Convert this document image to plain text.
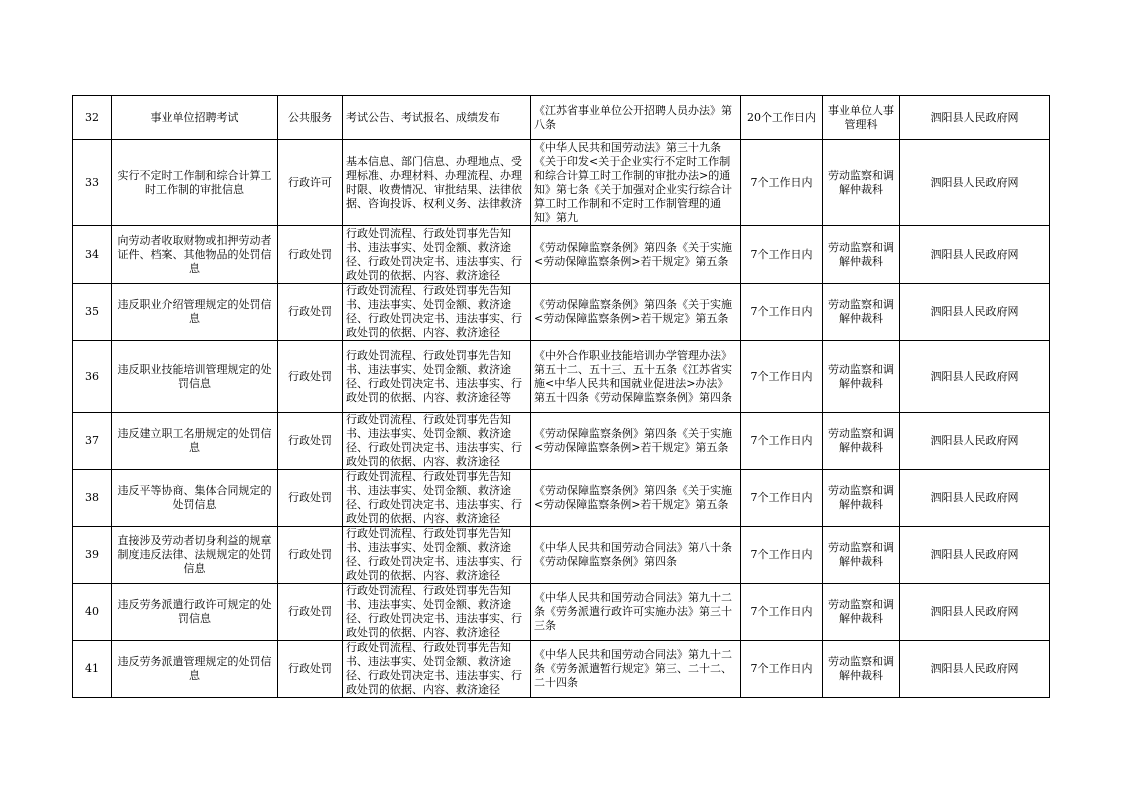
32	事业单位招聘考试	公共服务	考试公告、考试报名、成绩发布	《江苏省事业单位公开招聘人员办法》第八条	20个工作日内	事业单位人事管理科	泗阳县人民政府网
33	实行不定时工作制和综合计算工时工作制的审批信息	行政许可	基本信息、部门信息、办理地点、受理标准、办理材料、办理流程、办理时限、收费情况、审批结果、法律依据、咨询投诉、权利义务、法律救济	《中华人民共和国劳动法》第三十九条《关于印发<关于企业实行不定时工作制和综合计算工时工作制的审批办法>的通知》第七条《关于加强对企业实行综合计算工时工作制和不定时工作制管理的通知》第九	7个工作日内	劳动监察和调解仲裁科	泗阳县人民政府网
34	向劳动者收取财物或扣押劳动者证件、档案、其他物品的处罚信息	行政处罚	行政处罚流程、行政处罚事先告知书、违法事实、处罚金额、救济途径、行政处罚决定书、违法事实、行政处罚的依据、内容、救济途径	《劳动保障监察条例》第四条《关于实施<劳动保障监察条例>若干规定》第五条	7个工作日内	劳动监察和调解仲裁科	泗阳县人民政府网
35	违反职业介绍管理规定的处罚信息	行政处罚	行政处罚流程、行政处罚事先告知书、违法事实、处罚金额、救济途径、行政处罚决定书、违法事实、行政处罚的依据、内容、救济途径	《劳动保障监察条例》第四条《关于实施<劳动保障监察条例>若干规定》第五条	7个工作日内	劳动监察和调解仲裁科	泗阳县人民政府网
36	违反职业技能培训管理规定的处罚信息	行政处罚	行政处罚流程、行政处罚事先告知书、违法事实、处罚金额、救济途径、行政处罚决定书、违法事实、行政处罚的依据、内容、救济途径等	《中外合作职业技能培训办学管理办法》第五十二、五十三、五十五条《江苏省实施<中华人民共和国就业促进法>办法》第五十四条《劳动保障监察条例》第四条	7个工作日内	劳动监察和调解仲裁科	泗阳县人民政府网
37	违反建立职工名册规定的处罚信息	行政处罚	行政处罚流程、行政处罚事先告知书、违法事实、处罚金额、救济途径、行政处罚决定书、违法事实、行政处罚的依据、内容、救济途径	《劳动保障监察条例》第四条《关于实施<劳动保障监察条例>若干规定》第五条	7个工作日内	劳动监察和调解仲裁科	泗阳县人民政府网
38	违反平等协商、集体合同规定的处罚信息	行政处罚	行政处罚流程、行政处罚事先告知书、违法事实、处罚金额、救济途径、行政处罚决定书、违法事实、行政处罚的依据、内容、救济途径	《劳动保障监察条例》第四条《关于实施<劳动保障监察条例>若干规定》第五条	7个工作日内	劳动监察和调解仲裁科	泗阳县人民政府网
39	直接涉及劳动者切身利益的规章制度违反法律、法规规定的处罚信息	行政处罚	行政处罚流程、行政处罚事先告知书、违法事实、处罚金额、救济途径、行政处罚决定书、违法事实、行政处罚的依据、内容、救济途径	《中华人民共和国劳动合同法》第八十条《劳动保障监察条例》第四条	7个工作日内	劳动监察和调解仲裁科	泗阳县人民政府网
40	违反劳务派遣行政许可规定的处罚信息	行政处罚	行政处罚流程、行政处罚事先告知书、违法事实、处罚金额、救济途径、行政处罚决定书、违法事实、行政处罚的依据、内容、救济途径	《中华人民共和国劳动合同法》第九十二条《劳务派遣行政许可实施办法》第三十三条	7个工作日内	劳动监察和调解仲裁科	泗阳县人民政府网
41	违反劳务派遣管理规定的处罚信息	行政处罚	行政处罚流程、行政处罚事先告知书、违法事实、处罚金额、救济途径、行政处罚决定书、违法事实、行政处罚的依据、内容、救济途径	《中华人民共和国劳动合同法》第九十二条《劳务派遣暂行规定》第三、二十二、二十四条	7个工作日内	劳动监察和调解仲裁科	泗阳县人民政府网
